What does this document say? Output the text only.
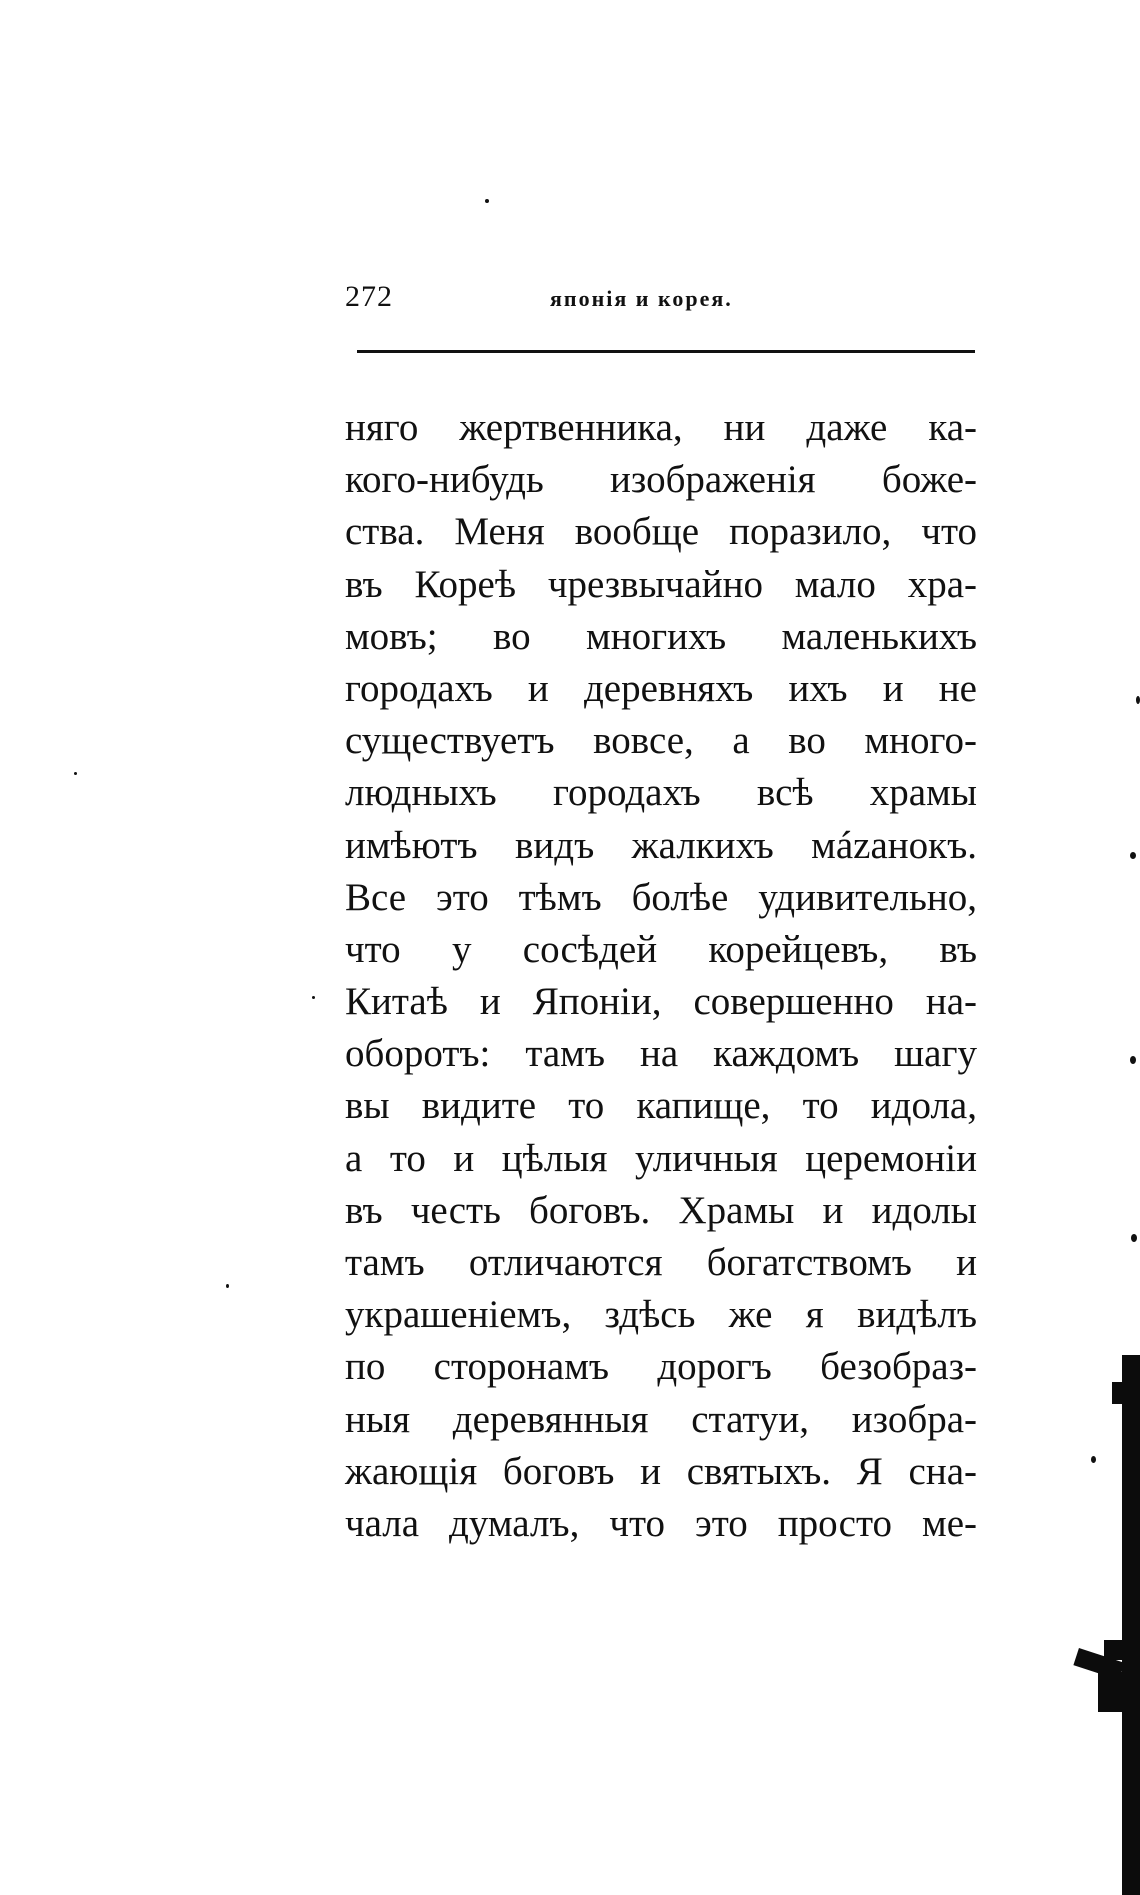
272	японія и корея.
няго жертвенника, ни даже ка-
кого-нибудь изображенія боже-
ства. Меня вообще поразило, что
въ Кореѣ чрезвычайно мало хра-
мовъ; во многихъ маленькихъ
городахъ и деревняхъ ихъ и не
существуетъ вовсе, а во много-
людныхъ городахъ всѣ храмы
имѣютъ видъ жалкихъ мázанокъ.
Все это тѣмъ болѣе удивительно,
что у сосѣдей корейцевъ, въ
Китаѣ и Японіи, совершенно на-
оборотъ: тамъ на каждомъ шагу
вы видите то капище, то идола,
а то и цѣлыя уличныя церемоніи
въ честь боговъ. Храмы и идолы
тамъ отличаются богатствомъ и
украшеніемъ, здѣсь же я видѣлъ
по сторонамъ дорогъ безобраз-
ныя деревянныя статуи, изобра-
жающія боговъ и святыхъ. Я сна-
чала думалъ, что это просто ме-
